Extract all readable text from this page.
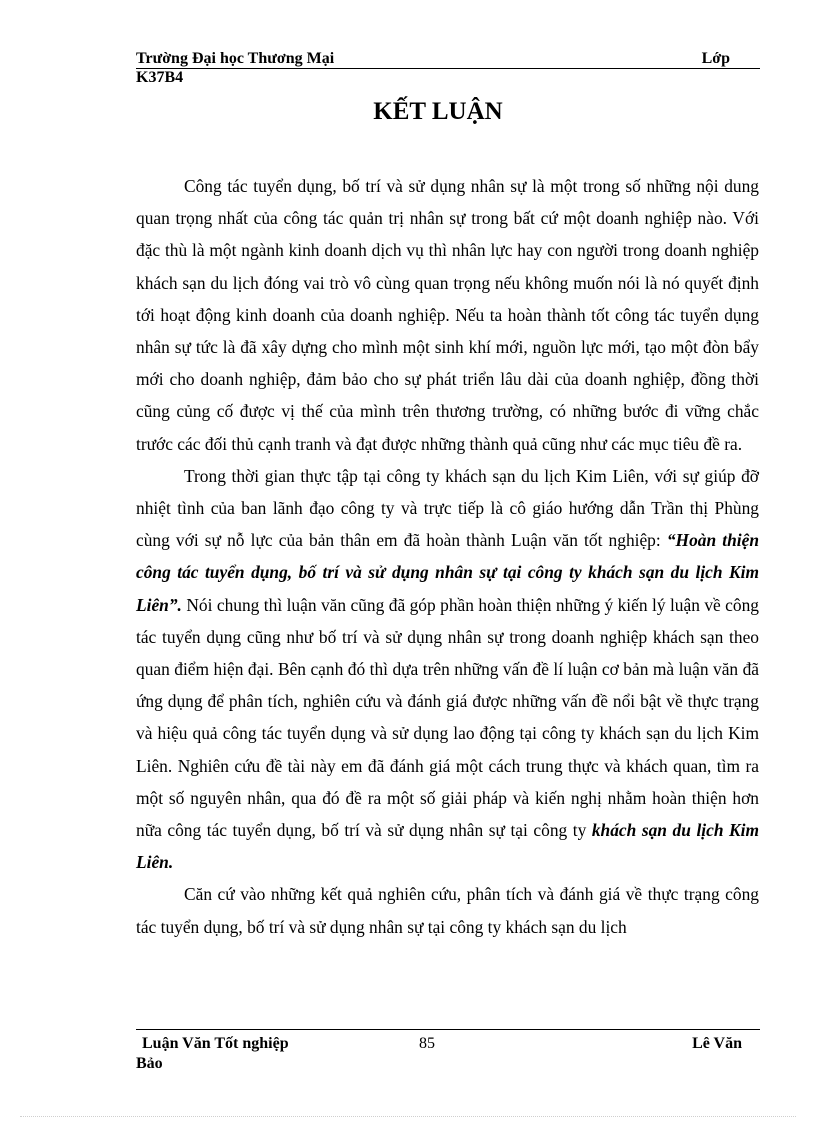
Trường Đại học Thương Mại	Lớp
K37B4
KẾT LUẬN

Công tác tuyển dụng, bố trí và sử dụng nhân sự là một trong số những nội dung quan trọng nhất của công tác quản trị nhân sự trong bất cứ một doanh nghiệp nào. Với đặc thù là một ngành kinh doanh dịch vụ thì nhân lực hay con người trong doanh nghiệp khách sạn du lịch đóng vai trò vô cùng quan trọng nếu không muốn nói là nó quyết định tới hoạt động kinh doanh của doanh nghiệp. Nếu ta hoàn thành tốt công tác tuyển dụng nhân sự tức là đã xây dựng cho mình một sinh khí mới, nguồn lực mới, tạo một đòn bẩy mới cho doanh nghiệp, đảm bảo cho sự phát triển lâu dài của doanh nghiệp, đồng thời cũng củng cố được vị thế của mình trên thương trường, có những bước đi vững chắc trước các đối thủ cạnh tranh và đạt được những thành quả cũng như các mục tiêu đề ra.

Trong thời gian thực tập tại công ty khách sạn du lịch Kim Liên, với sự giúp đỡ nhiệt tình của ban lãnh đạo công ty và trực tiếp là cô giáo hướng dẫn Trần thị Phùng cùng với sự nỗ lực của bản thân em đã hoàn thành Luận văn tốt nghiệp: “Hoàn thiện công tác tuyển dụng, bố trí và sử dụng nhân sự tại công ty khách sạn du lịch Kim Liên”. Nói chung thì luận văn cũng đã góp phần hoàn thiện những ý kiến lý luận về công tác tuyển dụng cũng như bố trí và sử dụng nhân sự trong doanh nghiệp khách sạn theo quan điểm hiện đại. Bên cạnh đó thì dựa trên những vấn đề lí luận cơ bản mà luận văn đã ứng dụng để phân tích, nghiên cứu và đánh giá được những vấn đề nổi bật về thực trạng và hiệu quả công tác tuyển dụng và sử dụng lao động tại công ty khách sạn du lịch Kim Liên. Nghiên cứu đề tài này em đã đánh giá một cách trung thực và khách quan, tìm ra một số nguyên nhân, qua đó đề ra một số giải pháp và kiến nghị nhằm hoàn thiện hơn nữa công tác tuyển dụng, bố trí và sử dụng nhân sự tại công ty khách sạn du lịch Kim Liên.

Căn cứ vào những kết quả nghiên cứu, phân tích và đánh giá về thực trạng công tác tuyển dụng, bố trí và sử dụng nhân sự tại công ty khách sạn du lịch

Luận Văn Tốt nghiệp	85	Lê Văn
Bảo
